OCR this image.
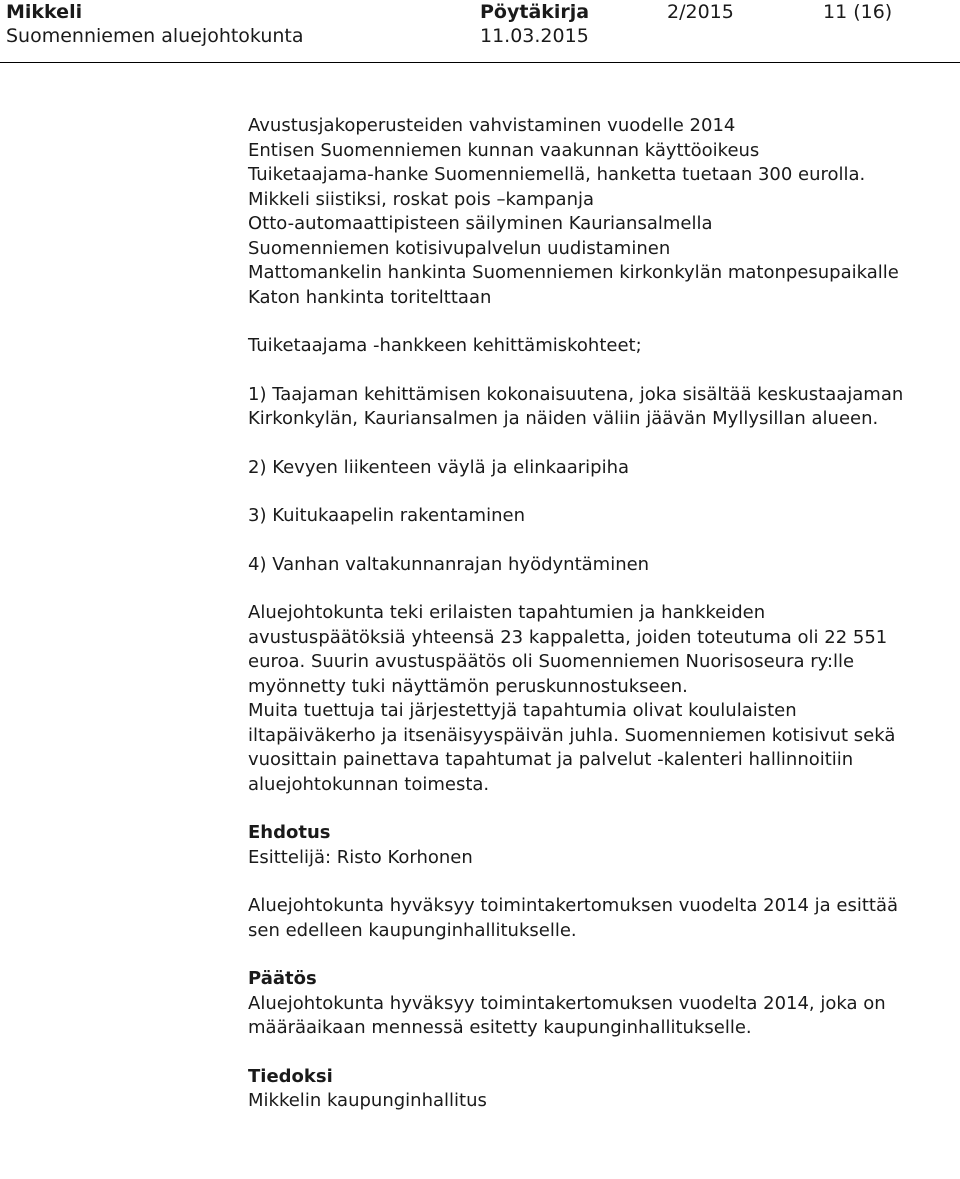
Mikkeli
Suomenniemen aluejohtokunta
Pöytäkirja
11.03.2015
2/2015	11 (16)
Avustusjakoperusteiden vahvistaminen vuodelle 2014
Entisen Suomenniemen kunnan vaakunnan käyttöoikeus
Tuiketaajama-hanke Suomenniemellä, hanketta tuetaan 300 eurolla.
Mikkeli siistiksi, roskat pois –kampanja
Otto-automaattipisteen säilyminen Kauriansalmella
Suomenniemen kotisivupalvelun uudistaminen
Mattomankelin hankinta Suomenniemen kirkonkylän matonpesupaikalle
Katon hankinta toritelttaan

Tuiketaajama -hankkeen kehittämiskohteet;

1) Taajaman kehittämisen kokonaisuutena, joka sisältää keskustaajaman Kirkonkylän, Kauriansalmen ja näiden väliin jäävän Myllysillan alueen.

2) Kevyen liikenteen väylä ja elinkaaripiha

3) Kuitukaapelin rakentaminen

4) Vanhan valtakunnanrajan hyödyntäminen

Aluejohtokunta teki erilaisten tapahtumien ja hankkeiden avustuspäätöksiä yhteensä 23 kappaletta, joiden toteutuma oli 22 551 euroa. Suurin avustuspäätös oli Suomenniemen Nuorisoseura ry:lle myönnetty tuki näyttämön peruskunnostukseen.

Muita tuettuja tai järjestettyjä tapahtumia olivat koululaisten iltapäiväkerho ja itsenäisyyspäivän juhla. Suomenniemen kotisivut sekä vuosittain painettava tapahtumat ja palvelut -kalenteri hallinnoitiin aluejohtokunnan toimesta.

Ehdotus
Esittelijä: Risto Korhonen

Aluejohtokunta hyväksyy toimintakertomuksen vuodelta 2014 ja esittää sen edelleen kaupunginhallitukselle.

Päätös

Aluejohtokunta hyväksyy toimintakertomuksen vuodelta 2014, joka on määräaikaan mennessä esitetty kaupunginhallitukselle.

Tiedoksi
Mikkelin kaupunginhallitus
